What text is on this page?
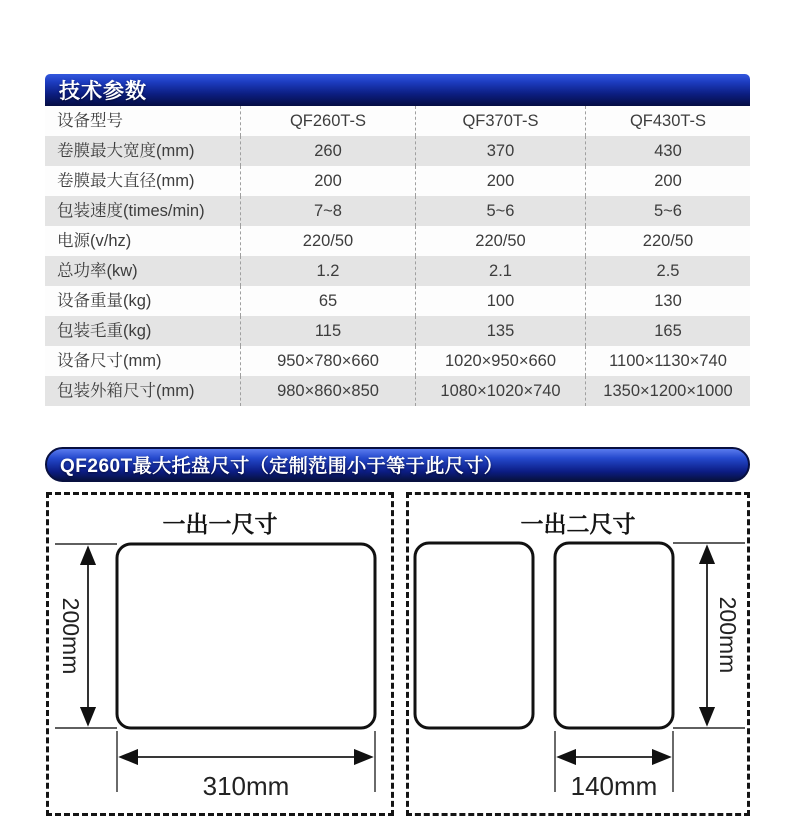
技术参数
设备型号	QF260T-S	QF370T-S	QF430T-S
卷膜最大宽度(mm)	260	370	430
卷膜最大直径(mm)	200	200	200
包装速度(times/min)	7~8	5~6	5~6
电源(v/hz)	220/50	220/50	220/50
总功率(kw)	1.2	2.1	2.5
设备重量(kg)	65	100	130
包装毛重(kg)	115	135	165
设备尺寸(mm)	950×780×660	1020×950×660	1100×1130×740
包装外箱尺寸(mm)	980×860×850	1080×1020×740	1350×1200×1000
QF260T最大托盘尺寸（定制范围小于等于此尺寸）
一出一尺寸
200mm
310mm
一出二尺寸
200mm
140mm
